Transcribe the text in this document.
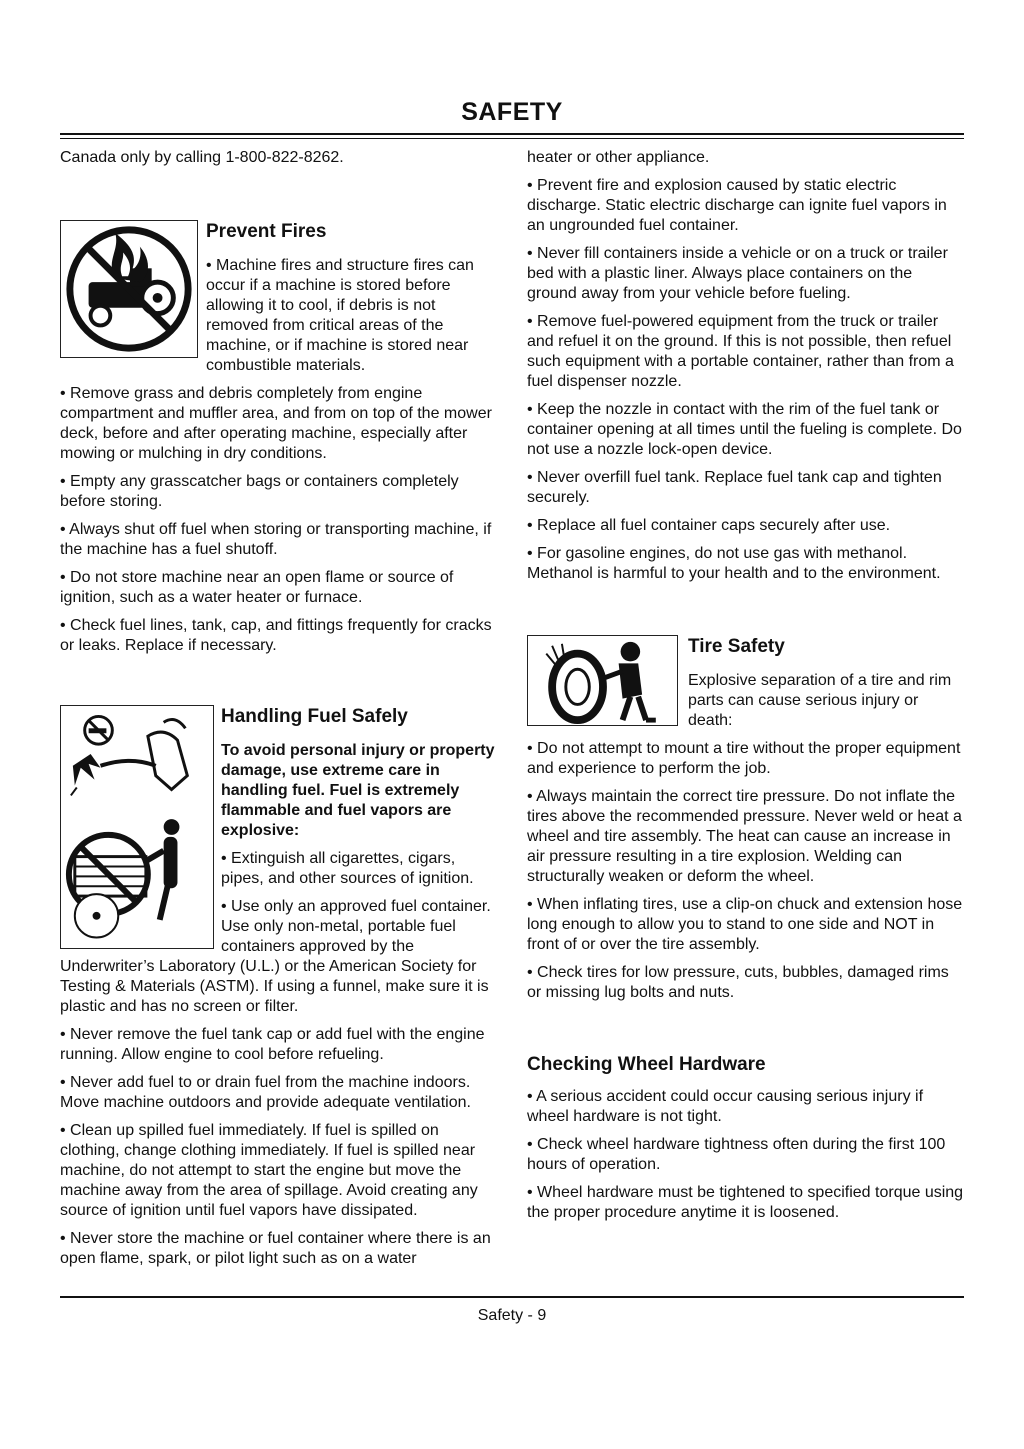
SAFETY

Canada only by calling 1-800-822-8262.

Prevent Fires

• Machine fires and structure fires can occur if a machine is stored before allowing it to cool, if debris is not removed from critical areas of the machine, or if machine is stored near combustible materials.

• Remove grass and debris completely from engine compartment and muffler area, and from on top of the mower deck, before and after operating machine, especially after mowing or mulching in dry conditions.

• Empty any grasscatcher bags or containers completely before storing.

• Always shut off fuel when storing or transporting machine, if the machine has a fuel shutoff.

• Do not store machine near an open flame or source of ignition, such as a water heater or furnace.

• Check fuel lines, tank, cap, and fittings frequently for cracks or leaks. Replace if necessary.

Handling Fuel Safely

To avoid personal injury or property damage, use extreme care in handling fuel. Fuel is extremely flammable and fuel vapors are explosive:

• Extinguish all cigarettes, cigars, pipes, and other sources of ignition.

• Use only an approved fuel container. Use only non-metal, portable fuel containers approved by the Underwriter’s Laboratory (U.L.) or the American Society for Testing & Materials (ASTM). If using a funnel, make sure it is plastic and has no screen or filter.

• Never remove the fuel tank cap or add fuel with the engine running. Allow engine to cool before refueling.

• Never add fuel to or drain fuel from the machine indoors. Move machine outdoors and provide adequate ventilation.

• Clean up spilled fuel immediately. If fuel is spilled on clothing, change clothing immediately. If fuel is spilled near machine, do not attempt to start the engine but move the machine away from the area of spillage. Avoid creating any source of ignition until fuel vapors have dissipated.

• Never store the machine or fuel container where there is an open flame, spark, or pilot light such as on a water

heater or other appliance.

• Prevent fire and explosion caused by static electric discharge. Static electric discharge can ignite fuel vapors in an ungrounded fuel container.

• Never fill containers inside a vehicle or on a truck or trailer bed with a plastic liner. Always place containers on the ground away from your vehicle before fueling.

• Remove fuel-powered equipment from the truck or trailer and refuel it on the ground. If this is not possible, then refuel such equipment with a portable container, rather than from a fuel dispenser nozzle.

• Keep the nozzle in contact with the rim of the fuel tank or container opening at all times until the fueling is complete. Do not use a nozzle lock-open device.

• Never overfill fuel tank. Replace fuel tank cap and tighten securely.

• Replace all fuel container caps securely after use.

• For gasoline engines, do not use gas with methanol. Methanol is harmful to your health and to the environment.

Tire Safety

Explosive separation of a tire and rim parts can cause serious injury or death:

• Do not attempt to mount a tire without the proper equipment and experience to perform the job.

• Always maintain the correct tire pressure. Do not inflate the tires above the recommended pressure. Never weld or heat a wheel and tire assembly. The heat can cause an increase in air pressure resulting in a tire explosion. Welding can structurally weaken or deform the wheel.

• When inflating tires, use a clip-on chuck and extension hose long enough to allow you to stand to one side and NOT in front of or over the tire assembly.

• Check tires for low pressure, cuts, bubbles, damaged rims or missing lug bolts and nuts.

Checking Wheel Hardware

• A serious accident could occur causing serious injury if wheel hardware is not tight.

• Check wheel hardware tightness often during the first 100 hours of operation.

• Wheel hardware must be tightened to specified torque using the proper procedure anytime it is loosened.

Safety - 9
